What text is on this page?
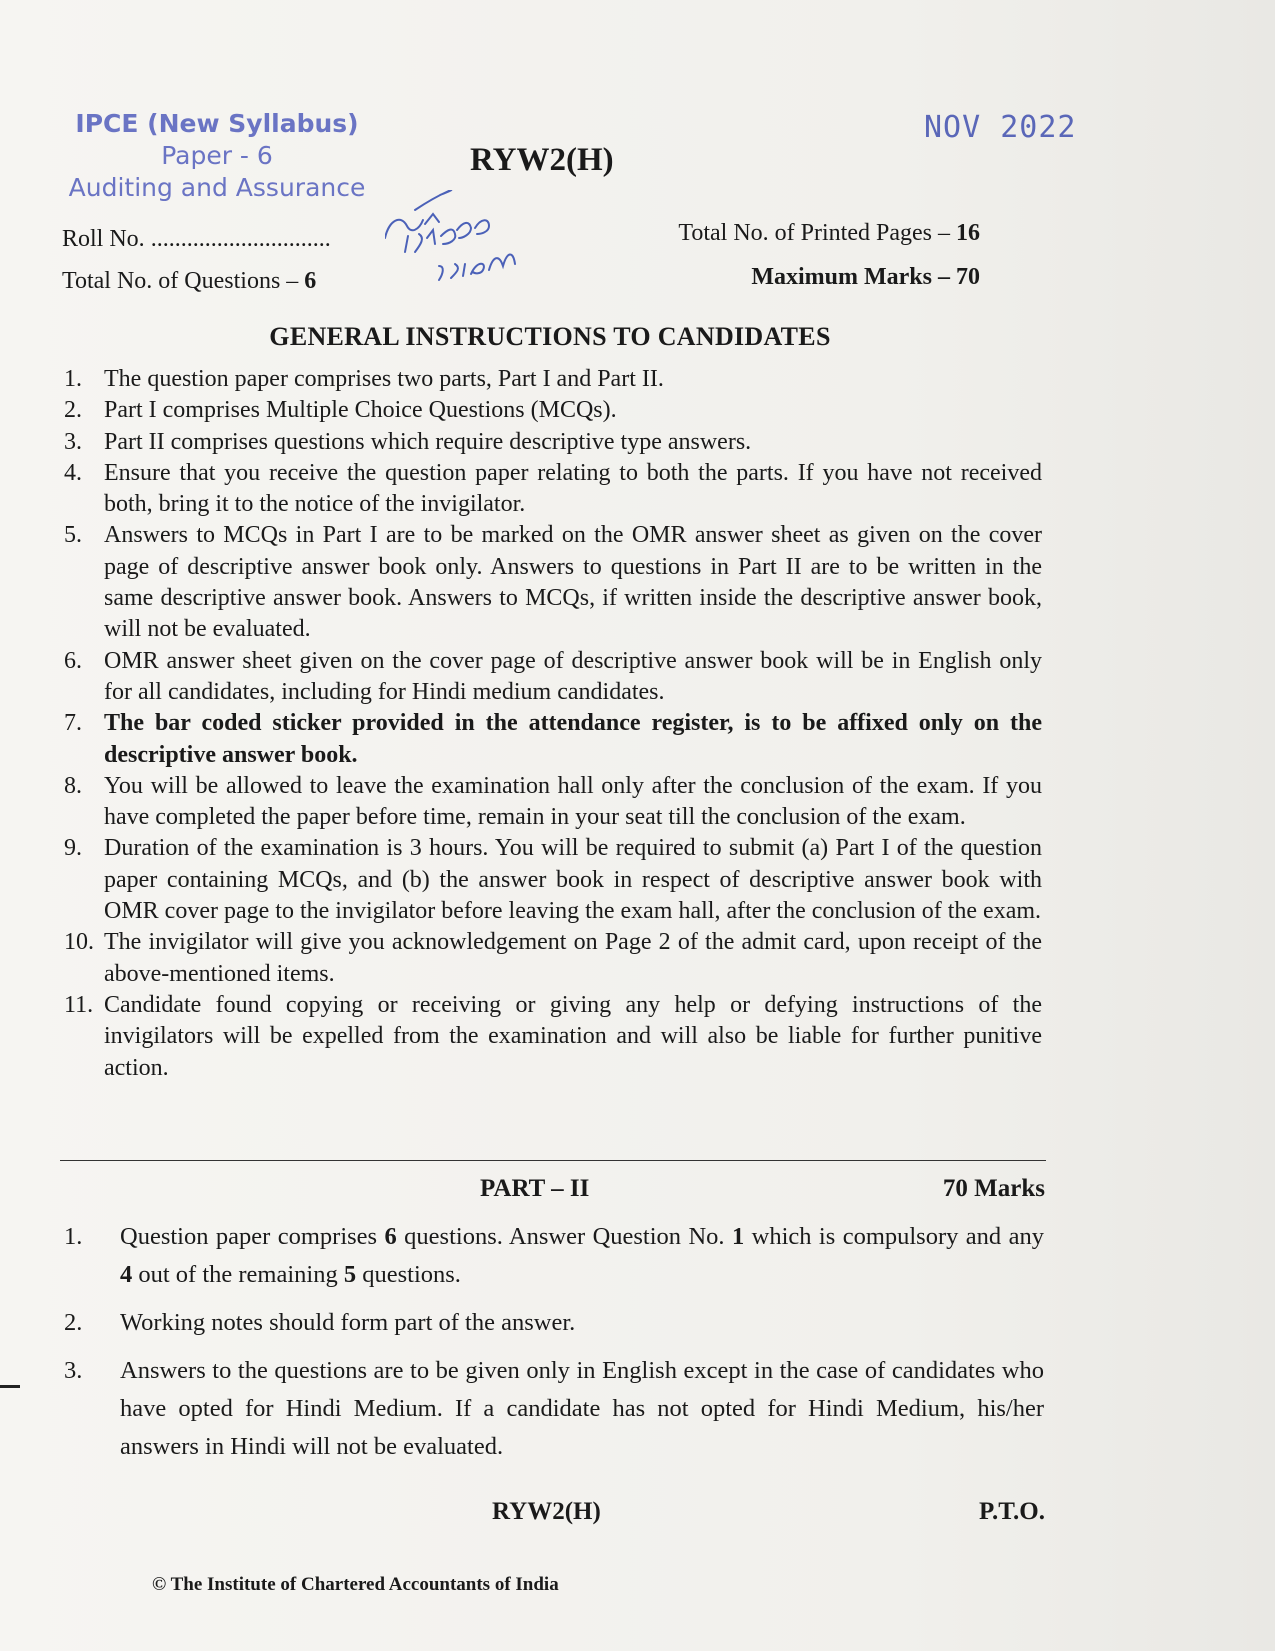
IPCE (New Syllabus)
Paper - 6
Auditing and Assurance
NOV 2022
RYW2(H)
Roll No. ..............................	Total No. of Printed Pages – 16
Total No. of Questions – 6	Maximum Marks – 70
GENERAL INSTRUCTIONS TO CANDIDATES
1. The question paper comprises two parts, Part I and Part II.
2. Part I comprises Multiple Choice Questions (MCQs).
3. Part II comprises questions which require descriptive type answers.
4. Ensure that you receive the question paper relating to both the parts. If you have not received both, bring it to the notice of the invigilator.
5. Answers to MCQs in Part I are to be marked on the OMR answer sheet as given on the cover page of descriptive answer book only. Answers to questions in Part II are to be written in the same descriptive answer book. Answers to MCQs, if written inside the descriptive answer book, will not be evaluated.
6. OMR answer sheet given on the cover page of descriptive answer book will be in English only for all candidates, including for Hindi medium candidates.
7. The bar coded sticker provided in the attendance register, is to be affixed only on the descriptive answer book.
8. You will be allowed to leave the examination hall only after the conclusion of the exam. If you have completed the paper before time, remain in your seat till the conclusion of the exam.
9. Duration of the examination is 3 hours. You will be required to submit (a) Part I of the question paper containing MCQs, and (b) the answer book in respect of descriptive answer book with OMR cover page to the invigilator before leaving the exam hall, after the conclusion of the exam.
10. The invigilator will give you acknowledgement on Page 2 of the admit card, upon receipt of the above-mentioned items.
11. Candidate found copying or receiving or giving any help or defying instructions of the invigilators will be expelled from the examination and will also be liable for further punitive action.
PART – II	70 Marks
1.	Question paper comprises 6 questions. Answer Question No. 1 which is compulsory and any 4 out of the remaining 5 questions.
2.	Working notes should form part of the answer.
3.	Answers to the questions are to be given only in English except in the case of candidates who have opted for Hindi Medium. If a candidate has not opted for Hindi Medium, his/her answers in Hindi will not be evaluated.
RYW2(H)	P.T.O.
© The Institute of Chartered Accountants of India
